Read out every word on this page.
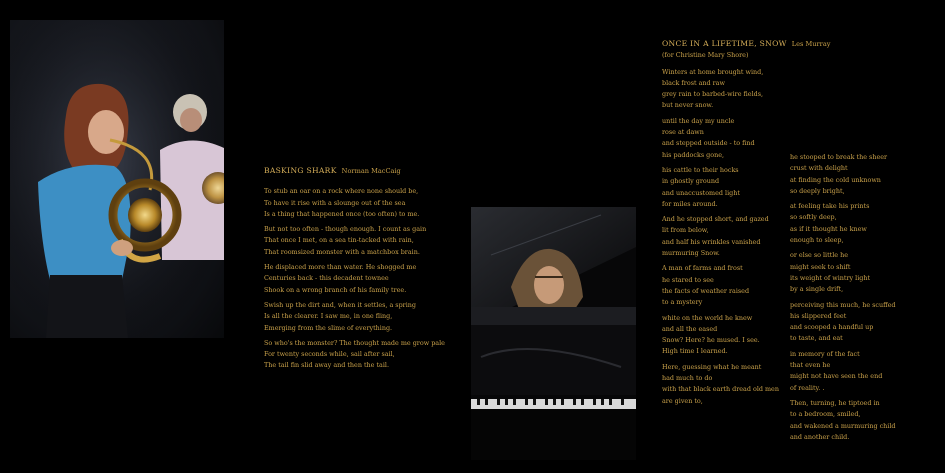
BASKING SHARK Norman MacCaig
To stub an oar on a rock where none should be,
To have it rise with a slounge out of the sea
Is a thing that happened once (too often) to me.
But not too often - though enough. I count as gain
That once I met, on a sea tin-tacked with rain,
That roomsized monster with a matchbox brain.
He displaced more than water. He shogged me
Centuries back - this decadent townee
Shook on a wrong branch of his family tree.
Swish up the dirt and, when it settles, a spring
Is all the clearer. I saw me, in one fling,
Emerging from the slime of everything.
So who's the monster? The thought made me grow pale
For twenty seconds while, sail after sail,
The tail fin slid away and then the tail.
ONCE IN A LIFETIME, SNOW Les Murray
(for Christine Mary Shore)
Winters at home brought wind,
black frost and raw
grey rain to barbed-wire fields,
but never snow.
until the day my uncle
rose at dawn
and stepped outside - to find
his paddocks gone,
his cattle to their hocks
in ghostly ground
and unaccustomed light
for miles around.
And he stopped short, and gazed
lit from below,
and half his wrinkles vanished
murmuring Snow.
A man of farms and frost
he stared to see
the facts of weather raised
to a mystery
white on the world he knew
and all the eased
Snow? Here? he mused. I see.
High time I learned.
Here, guessing what he meant
had much to do
with that black earth dread old men
are given to,
he stooped to break the sheer
crust with delight
at finding the cold unknown
so deeply bright,
at feeling take his prints
so softly deep,
as if it thought he knew
enough to sleep,
or else so little he
might seek to shift
its weight of wintry light
by a single drift,
perceiving this much, he scuffed
his slippered feet
and scooped a handful up
to taste, and eat
in memory of the fact
that even he
might not have seen the end
of reality. .
Then, turning, he tiptoed in
to a bedroom, smiled,
and wakened a murmuring child
and another child.
